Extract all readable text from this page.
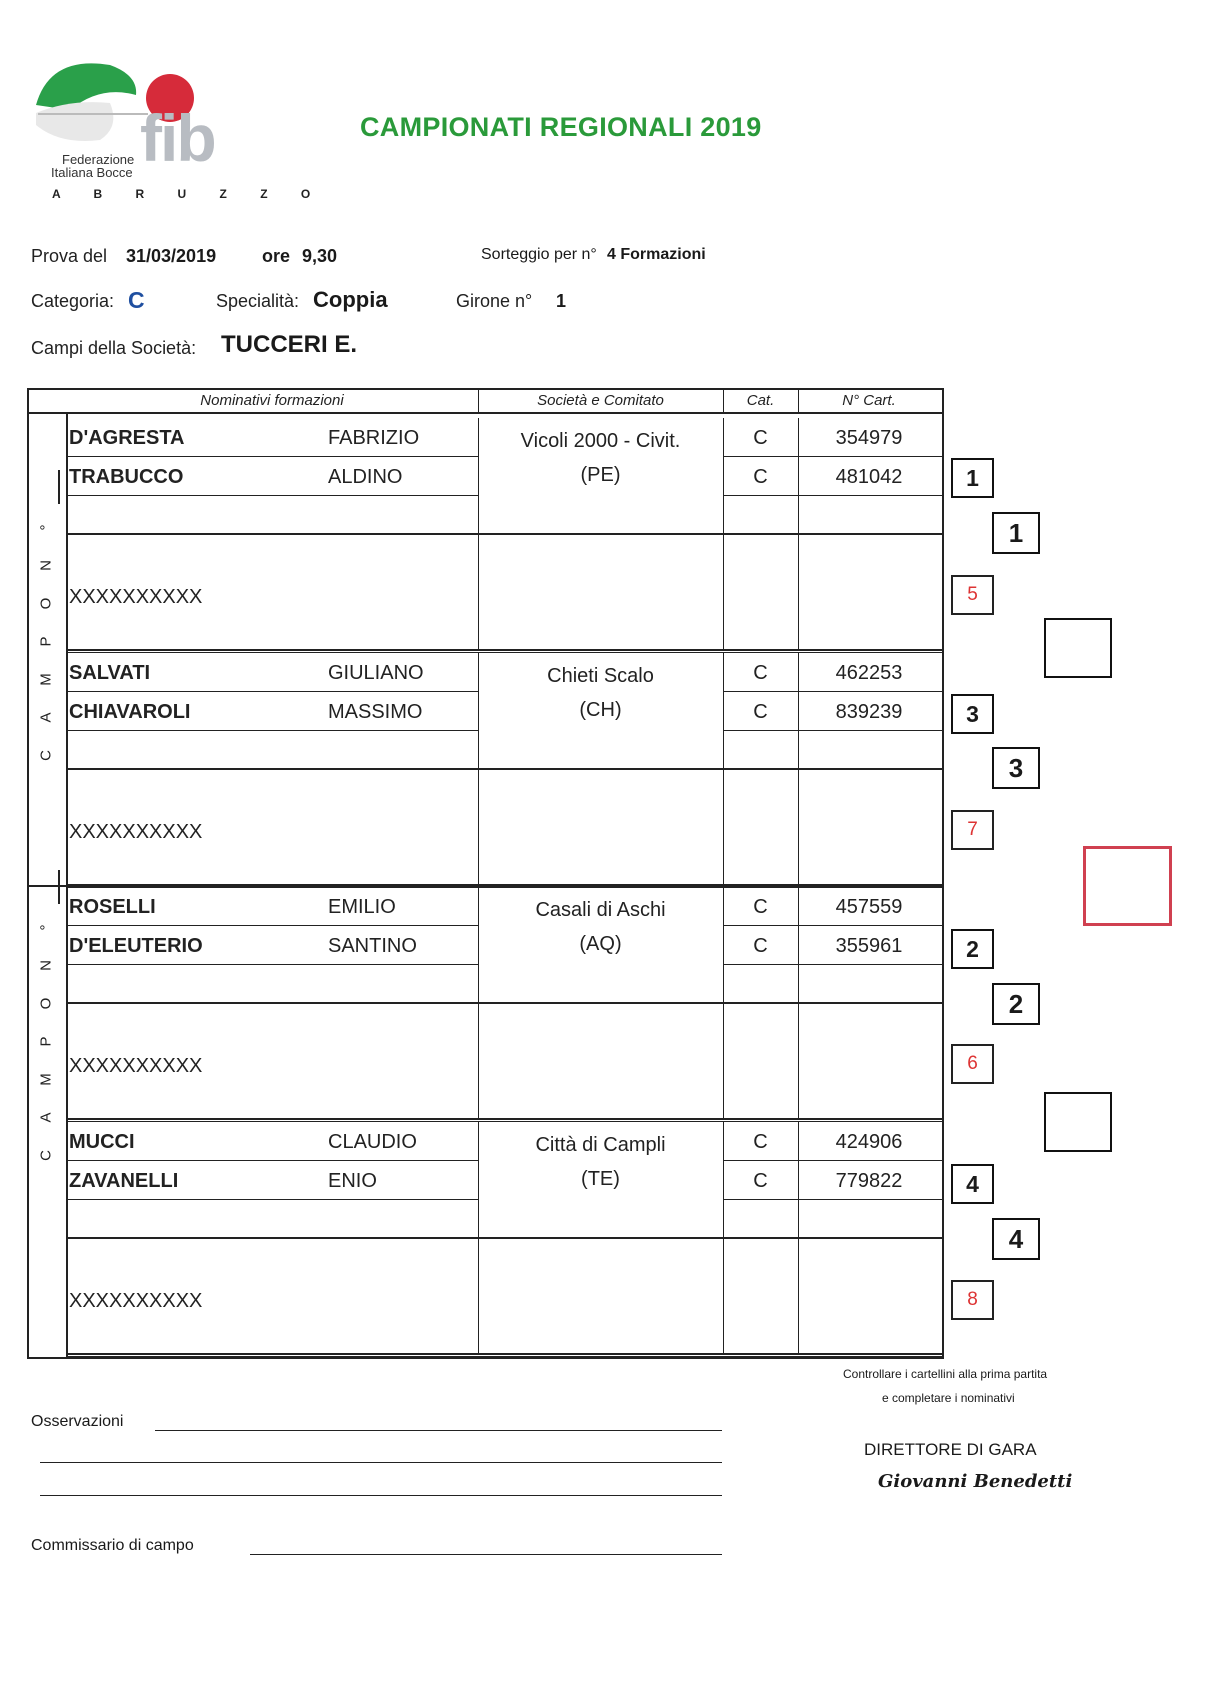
fib
Federazione
Italiana Bocce
A B R U Z Z O
CAMPIONATI REGIONALI 2019
Prova del 31/03/2019	ore 9,30	Sorteggio per n° 4 Formazioni
Categoria: C	Specialità: Coppia	Girone n° 1
Campi della Società: TUCCERI E.
Nominativi formazioni	Società e Comitato	Cat.	N° Cart.
Controllare i cartellini alla prima partita
e completare i nominativi
Osservazioni
Commissario di campo
DIRETTORE DI GARA
Giovanni Benedetti
D'AGRESTA	FABRIZIO	C	354979
TRABUCCO	ALDINO	C	481042
Vicoli 2000 - Civit.
(PE)
XXXXXXXXXX
1
1
5
SALVATI	GIULIANO	C	462253
CHIAVAROLI	MASSIMO	C	839239
Chieti Scalo
(CH)
XXXXXXXXXX
3
3
7
ROSELLI	EMILIO	C	457559
D'ELEUTERIO	SANTINO	C	355961
Casali di Aschi
(AQ)
XXXXXXXXXX
2
2
6
MUCCI	CLAUDIO	C	424906
ZAVANELLI	ENIO	C	779822
Città di Campli
(TE)
XXXXXXXXXX
4
4
8
°
N
O
P
M
A
C
°
N
O
P
M
A
C
